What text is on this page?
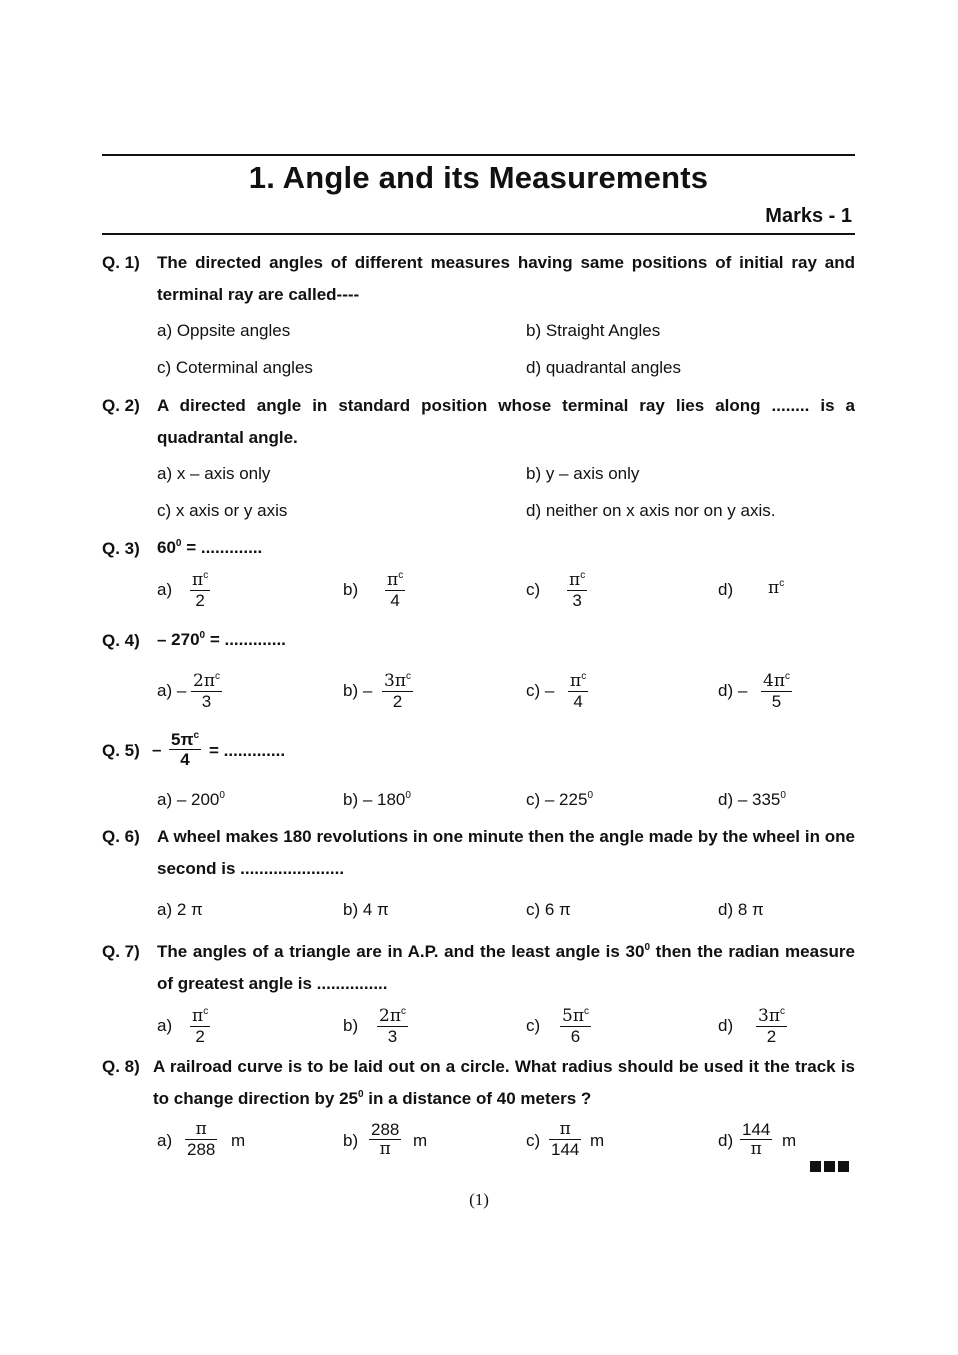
1. Angle and its Measurements
Marks - 1
Q. 1) The directed angles of different measures having same positions of initial ray and terminal ray are called----
a) Oppsite angles	b) Straight Angles
c) Coterminal angles	d) quadrantal angles
Q. 2) A directed angle in standard position whose terminal ray lies along ........ is a quadrantal angle.
a) x – axis only	b) y – axis only
c) x axis or y axis	d) neither on x axis nor on y axis.
Q. 3) $60^0$ = .............
$a) \frac{\pi^c}{2}$	$b) \frac{\pi^c}{4}$	$c) \frac{\pi^c}{3}$	d) $\pi^c$
Q. $4) - 270^0$ = .............
$a) - \frac{2\pi^c}{3}$	$b) - \frac{3\pi^c}{2}$	$c) - \frac{\pi^c}{4}$	$d) - \frac{4\pi^c}{5}$
Q. $5) - \frac{5\pi^c}{4}$ = .............
$a) - 200^0$	$b) - 180^0$	$c) - 225^0$	$d) - 335^0$
Q. 6) A wheel makes 180 revolutions in one minute then the angle made by the wheel in one second is ......................
a) 2 π	b) 4 π	c) 6 π	d) 8 π
Q. 7) The angles of a triangle are in A.P. and the least angle is $30^0$ then the radian measure of greatest angle is ...............
$a) \frac{\pi^c}{2}$	$b) \frac{2\pi^c}{3}$	$c) \frac{5\pi^c}{6}$	$d) \frac{3\pi^c}{2}$
Q. 8) A railroad curve is to be laid out on a circle. What radius should be used it the track is to change direction by $25^0$ in a distance of 40 meters ?
$a) \frac{\pi}{288}$ m	$b) \frac{288}{\pi}$ m	$c) \frac{\pi}{144}$ m	$d) \frac{144}{\pi}$ m
(1)
